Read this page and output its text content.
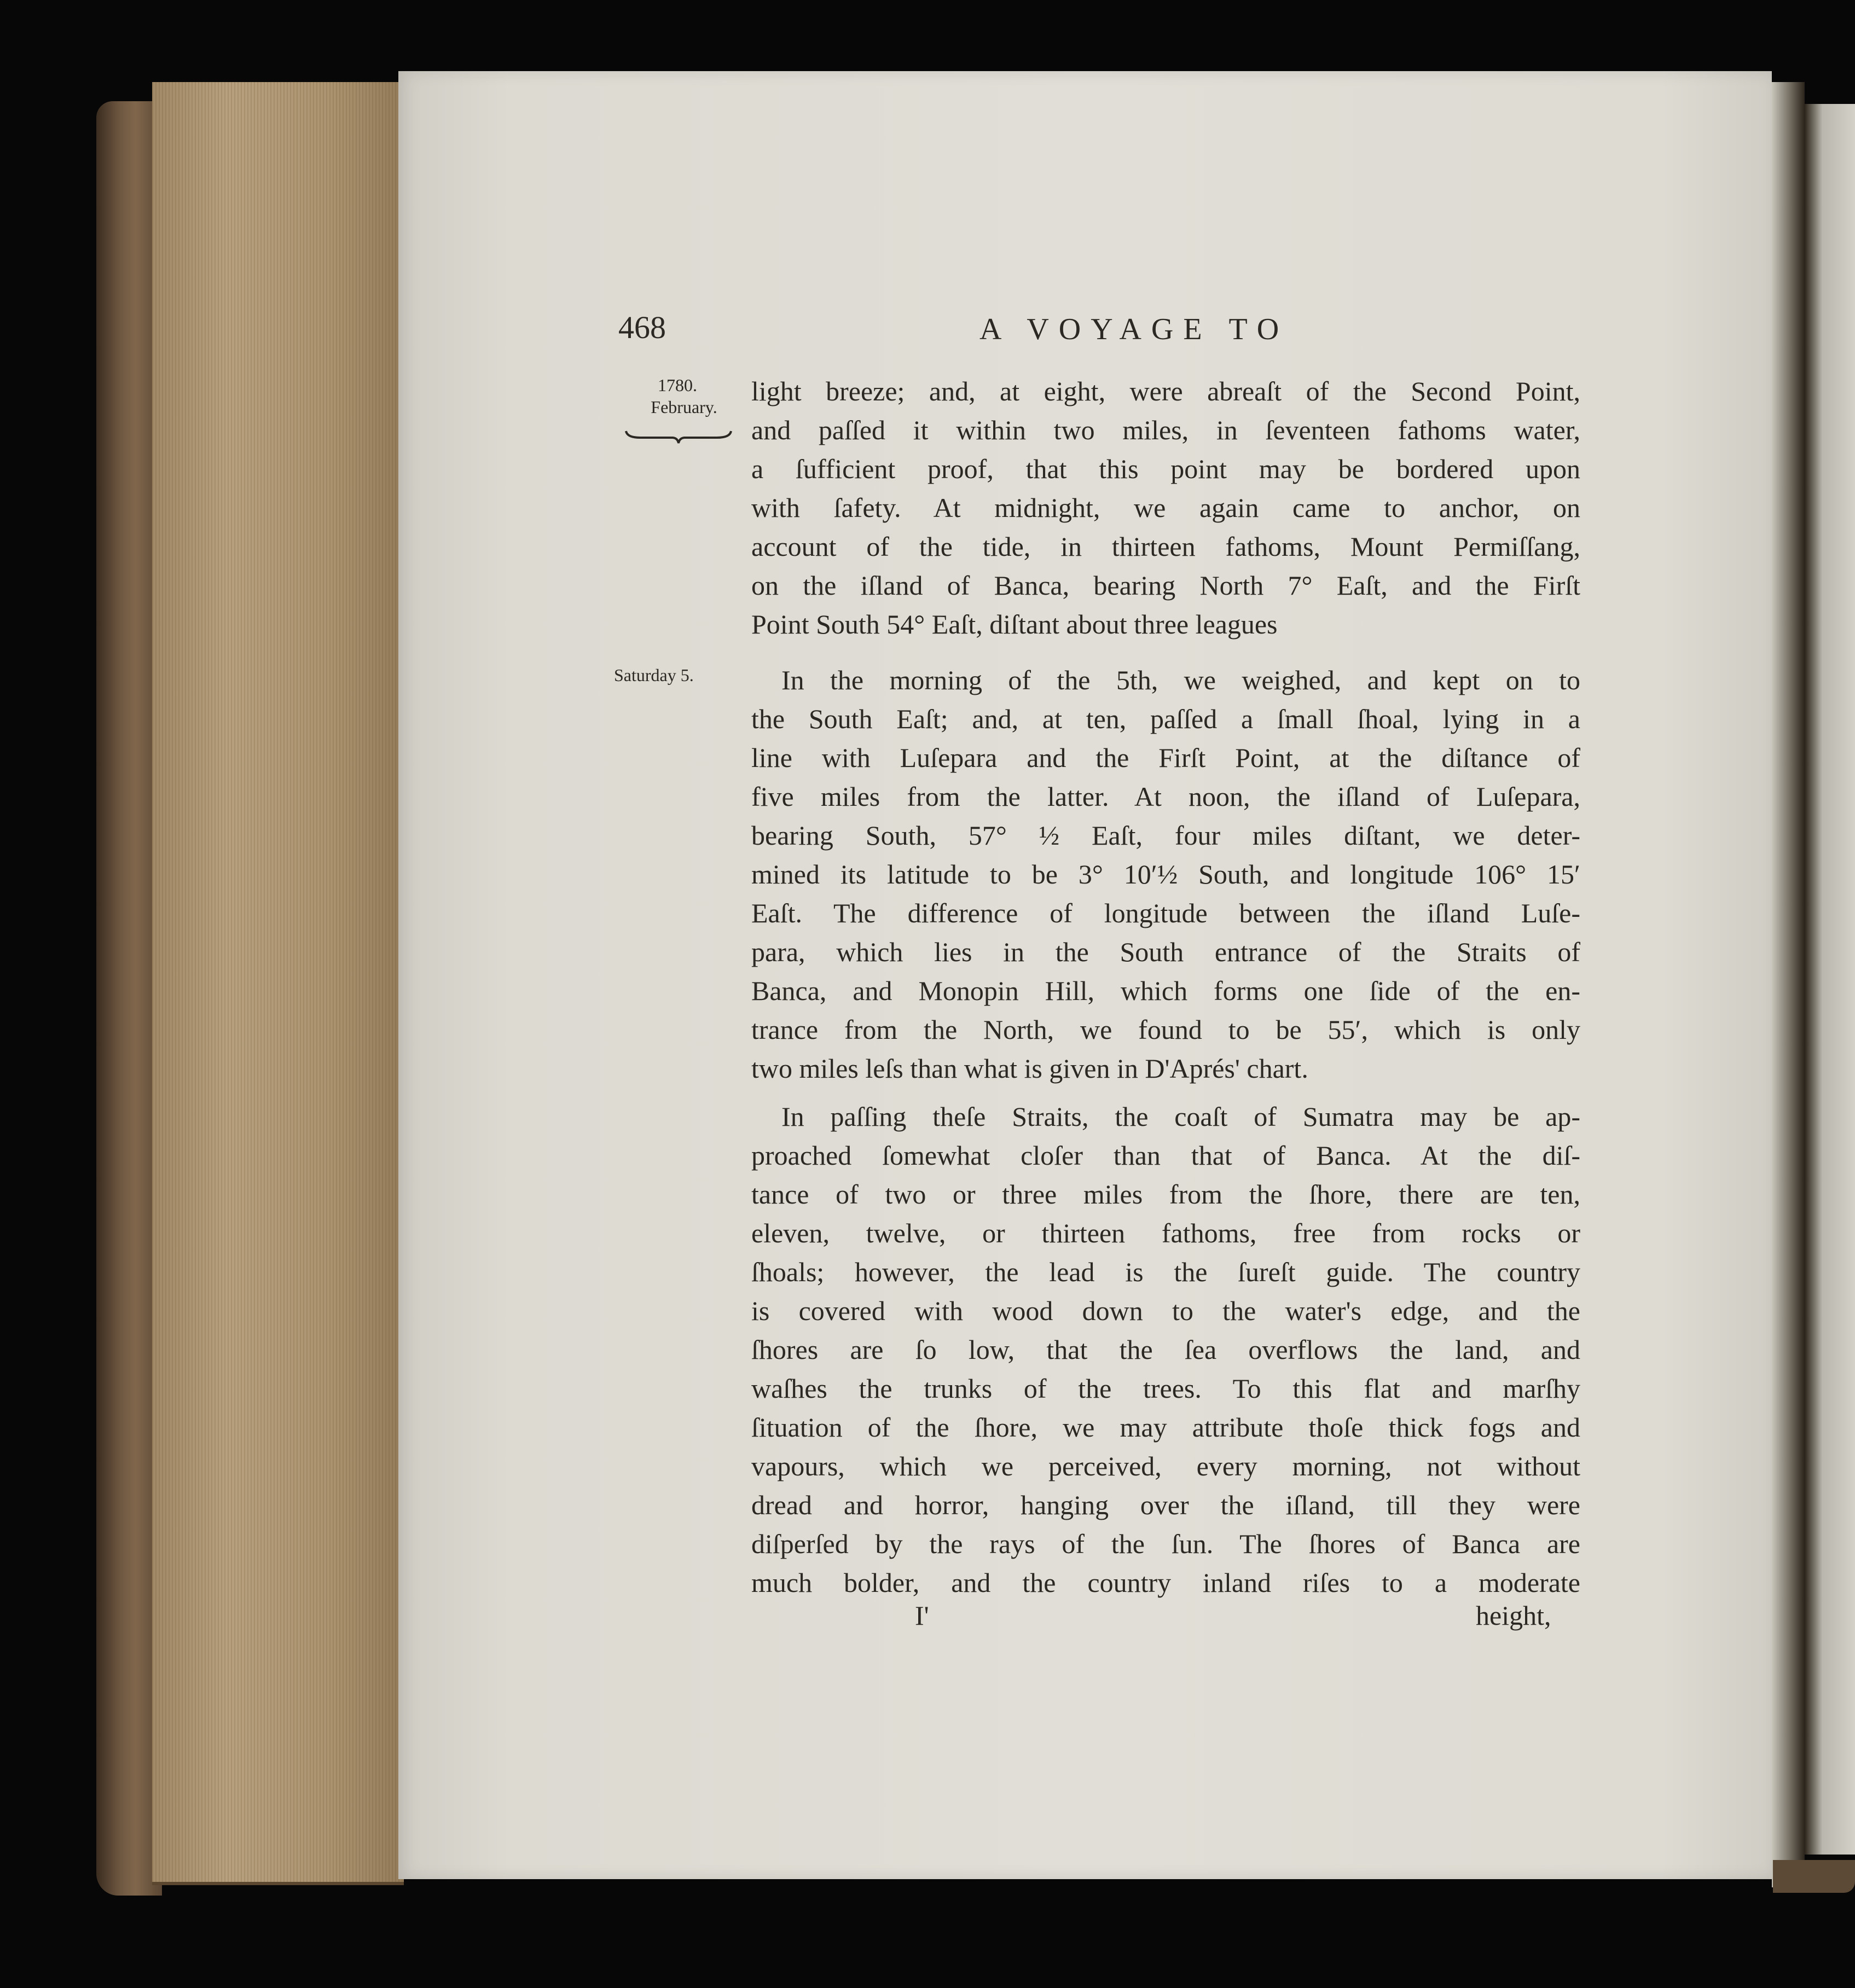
468	A VOYAGE TO
1780.
February.
Saturday 5.
light breeze; and, at eight, were abreaſt of the Second Point,
and paſſed it within two miles, in ſeventeen fathoms water,
a ſufficient proof, that this point may be bordered upon
with ſafety. At midnight, we again came to anchor, on
account of the tide, in thirteen fathoms, Mount Permiſſang,
on the iſland of Banca, bearing North 7° Eaſt, and the Firſt
Point South 54° Eaſt, diſtant about three leagues
In the morning of the 5th, we weighed, and kept on to
the South Eaſt; and, at ten, paſſed a ſmall ſhoal, lying in a
line with Luſepara and the Firſt Point, at the diſtance of
five miles from the latter. At noon, the iſland of Luſepara,
bearing South, 57° ½ Eaſt, four miles diſtant, we deter-
mined its latitude to be 3° 10′½ South, and longitude 106° 15′
Eaſt. The difference of longitude between the iſland Luſe-
para, which lies in the South entrance of the Straits of
Banca, and Monopin Hill, which forms one ſide of the en-
trance from the North, we found to be 55′, which is only
two miles leſs than what is given in D'Aprés' chart.
In paſſing theſe Straits, the coaſt of Sumatra may be ap-
proached ſomewhat cloſer than that of Banca. At the diſ-
tance of two or three miles from the ſhore, there are ten,
eleven, twelve, or thirteen fathoms, free from rocks or
ſhoals; however, the lead is the ſureſt guide. The country
is covered with wood down to the water's edge, and the
ſhores are ſo low, that the ſea overflows the land, and
waſhes the trunks of the trees. To this flat and marſhy
ſituation of the ſhore, we may attribute thoſe thick fogs and
vapours, which we perceived, every morning, not without
dread and horror, hanging over the iſland, till they were
diſperſed by the rays of the ſun. The ſhores of Banca are
much bolder, and the country inland riſes to a moderate
I'	height,
